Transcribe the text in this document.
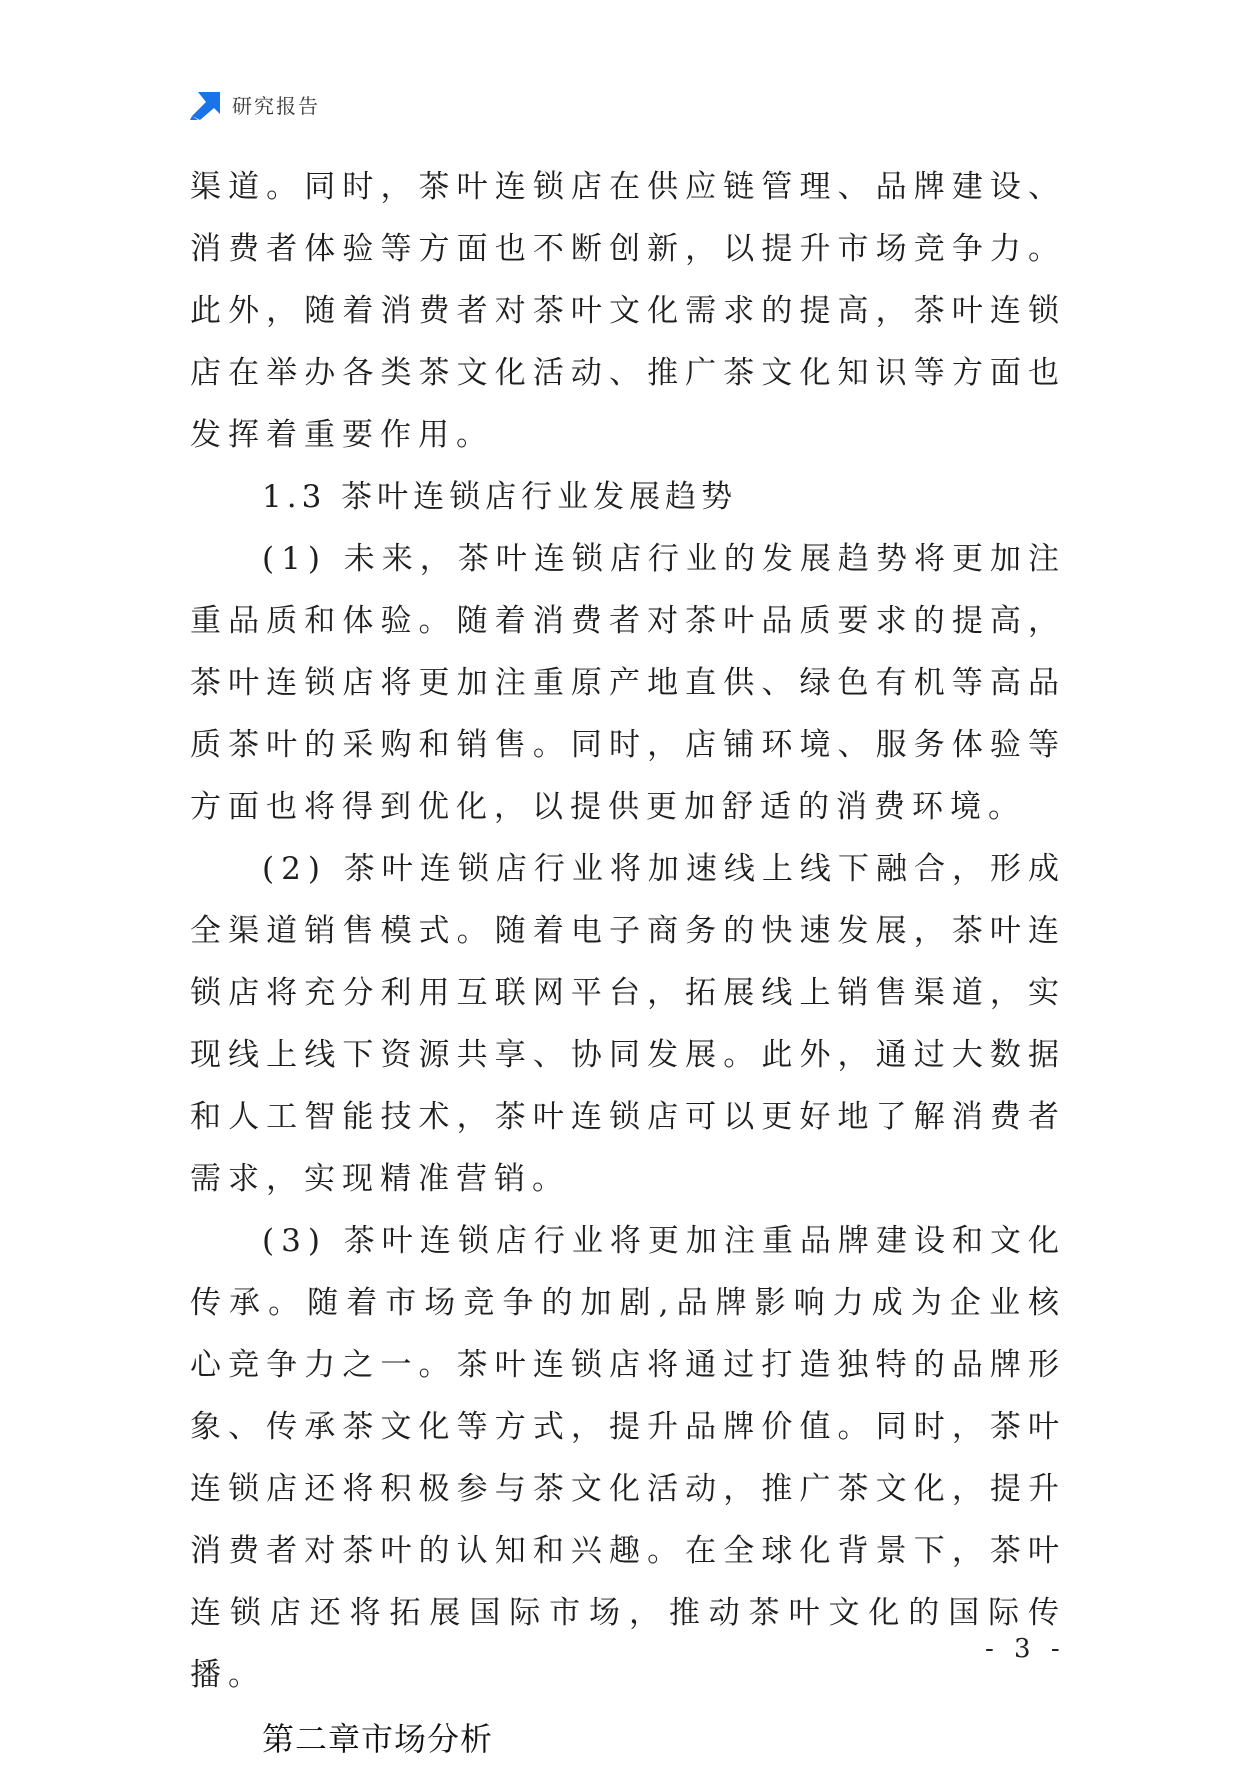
研究报告

渠道。同时，茶叶连锁店在供应链管理、品牌建设、消费者体验等方面也不断创新，以提升市场竞争力。此外，随着消费者对茶叶文化需求的提高，茶叶连锁店在举办各类茶文化活动、推广茶文化知识等方面也发挥着重要作用。

1.3 茶叶连锁店行业发展趋势

(1) 未来，茶叶连锁店行业的发展趋势将更加注重品质和体验。随着消费者对茶叶品质要求的提高，茶叶连锁店将更加注重原产地直供、绿色有机等高品质茶叶的采购和销售。同时，店铺环境、服务体验等方面也将得到优化，以提供更加舒适的消费环境。

(2) 茶叶连锁店行业将加速线上线下融合，形成全渠道销售模式。随着电子商务的快速发展，茶叶连锁店将充分利用互联网平台，拓展线上销售渠道，实现线上线下资源共享、协同发展。此外，通过大数据和人工智能技术，茶叶连锁店可以更好地了解消费者需求，实现精准营销。

(3) 茶叶连锁店行业将更加注重品牌建设和文化传承。随着市场竞争的加剧,品牌影响力成为企业核心竞争力之一。茶叶连锁店将通过打造独特的品牌形象、传承茶文化等方式，提升品牌价值。同时，茶叶连锁店还将积极参与茶文化活动，推广茶文化，提升消费者对茶叶的认知和兴趣。在全球化背景下，茶叶连锁店还将拓展国际市场，推动茶叶文化的国际传播。

第二章市场分析

- 3 -
